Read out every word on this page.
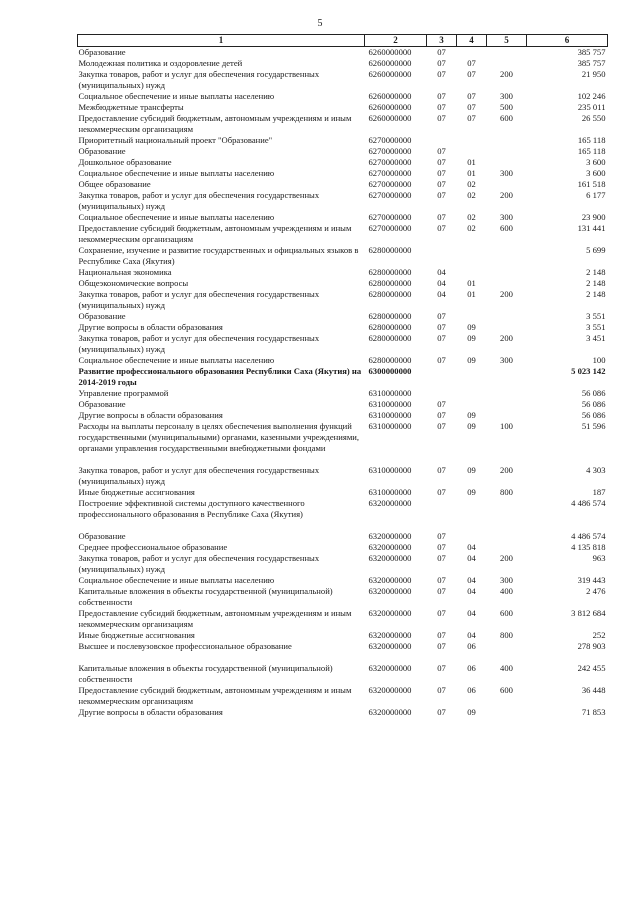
5
1	2	3	4	5	6
Образование	6260000000	07			385 757
Молодежная политика и оздоровление детей	6260000000	07	07		385 757
Закупка товаров, работ и услуг для обеспечения государственных (муниципальных) нужд	6260000000	07	07	200	21 950
Социальное обеспечение и иные выплаты населению	6260000000	07	07	300	102 246
Межбюджетные трансферты	6260000000	07	07	500	235 011
Предоставление субсидий бюджетным, автономным учреждениям и иным некоммерческим организациям	6260000000	07	07	600	26 550
Приоритетный национальный проект "Образование"	6270000000				165 118
Образование	6270000000	07			165 118
Дошкольное образование	6270000000	07	01		3 600
Социальное обеспечение и иные выплаты населению	6270000000	07	01	300	3 600
Общее образование	6270000000	07	02		161 518
Закупка товаров, работ и услуг для обеспечения государственных (муниципальных) нужд	6270000000	07	02	200	6 177
Социальное обеспечение и иные выплаты населению	6270000000	07	02	300	23 900
Предоставление субсидий бюджетным, автономным учреждениям и иным некоммерческим организациям	6270000000	07	02	600	131 441
Сохранение, изучение и развитие государственных и официальных языков в Республике Саха (Якутия)	6280000000				5 699
Национальная экономика	6280000000	04			2 148
Общеэкономические вопросы	6280000000	04	01		2 148
Закупка товаров, работ и услуг для обеспечения государственных (муниципальных) нужд	6280000000	04	01	200	2 148
Образование	6280000000	07			3 551
Другие вопросы в области образования	6280000000	07	09		3 551
Закупка товаров, работ и услуг для обеспечения государственных (муниципальных) нужд	6280000000	07	09	200	3 451
Социальное обеспечение и иные выплаты населению	6280000000	07	09	300	100
Развитие профессионального образования Республики Саха (Якутия) на 2014-2019 годы	6300000000				5 023 142
Управление программой	6310000000				56 086
Образование	6310000000	07			56 086
Другие вопросы в области образования	6310000000	07	09		56 086
Расходы на выплаты персоналу в целях обеспечения выполнения функций государственными (муниципальными) органами, казенными учреждениями, органами управления государственными внебюджетными фондами	6310000000	07	09	100	51 596

Закупка товаров, работ и услуг для обеспечения государственных (муниципальных) нужд	6310000000	07	09	200	4 303
Иные бюджетные ассигнования	6310000000	07	09	800	187
Построение эффективной системы доступного качественного профессионального образования в Республике Саха (Якутия)	6320000000				4 486 574

Образование	6320000000	07			4 486 574
Среднее профессиональное образование	6320000000	07	04		4 135 818
Закупка товаров, работ и услуг для обеспечения государственных (муниципальных) нужд	6320000000	07	04	200	963
Социальное обеспечение и иные выплаты населению	6320000000	07	04	300	319 443
Капитальные вложения в объекты государственной (муниципальной) собственности	6320000000	07	04	400	2 476
Предоставление субсидий бюджетным, автономным учреждениям и иным некоммерческим организациям	6320000000	07	04	600	3 812 684
Иные бюджетные ассигнования	6320000000	07	04	800	252
Высшее и послевузовское профессиональное образование	6320000000	07	06		278 903

Капитальные вложения в объекты государственной (муниципальной) собственности	6320000000	07	06	400	242 455
Предоставление субсидий бюджетным, автономным учреждениям и иным некоммерческим организациям	6320000000	07	06	600	36 448
Другие вопросы в области образования	6320000000	07	09		71 853
